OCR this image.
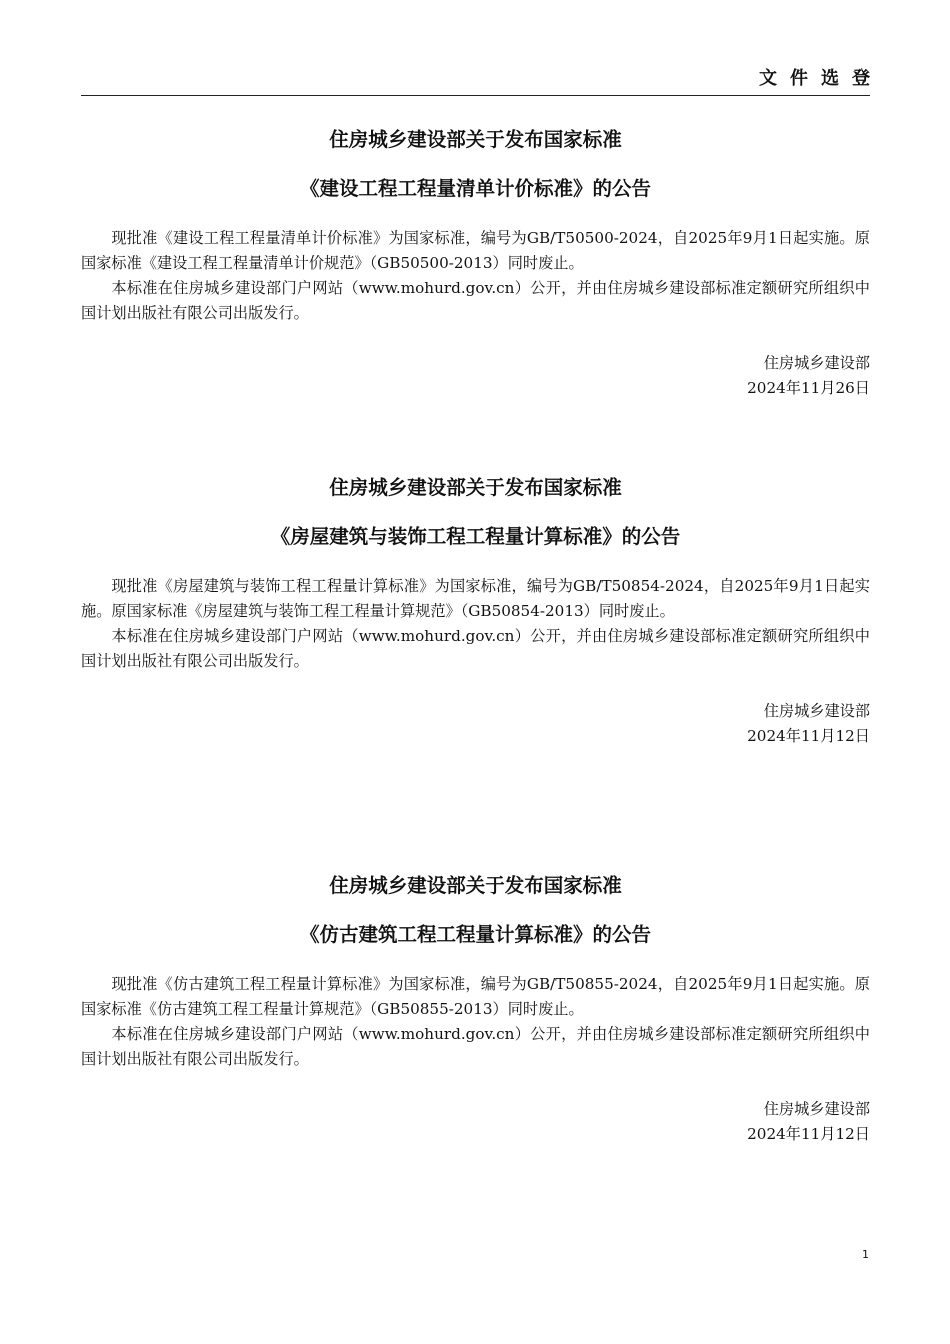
文件选登
住房城乡建设部关于发布国家标准
《建设工程工程量清单计价标准》的公告

现批准《建设工程工程量清单计价标准》为国家标准，编号为GB/T50500-2024，自2025年9月1日起实施。原国家标准《建设工程工程量清单计价规范》（GB50500-2013）同时废止。

本标准在住房城乡建设部门户网站（www.mohurd.gov.cn）公开，并由住房城乡建设部标准定额研究所组织中国计划出版社有限公司出版发行。

住房城乡建设部
2024年11月26日
住房城乡建设部关于发布国家标准
《房屋建筑与装饰工程工程量计算标准》的公告

现批准《房屋建筑与装饰工程工程量计算标准》为国家标准，编号为GB/T50854-2024，自2025年9月1日起实施。原国家标准《房屋建筑与装饰工程工程量计算规范》（GB50854-2013）同时废止。

本标准在住房城乡建设部门户网站（www.mohurd.gov.cn）公开，并由住房城乡建设部标准定额研究所组织中国计划出版社有限公司出版发行。

住房城乡建设部
2024年11月12日
住房城乡建设部关于发布国家标准
《仿古建筑工程工程量计算标准》的公告

现批准《仿古建筑工程工程量计算标准》为国家标准，编号为GB/T50855-2024，自2025年9月1日起实施。原国家标准《仿古建筑工程工程量计算规范》（GB50855-2013）同时废止。

本标准在住房城乡建设部门户网站（www.mohurd.gov.cn）公开，并由住房城乡建设部标准定额研究所组织中国计划出版社有限公司出版发行。

住房城乡建设部
2024年11月12日
1
